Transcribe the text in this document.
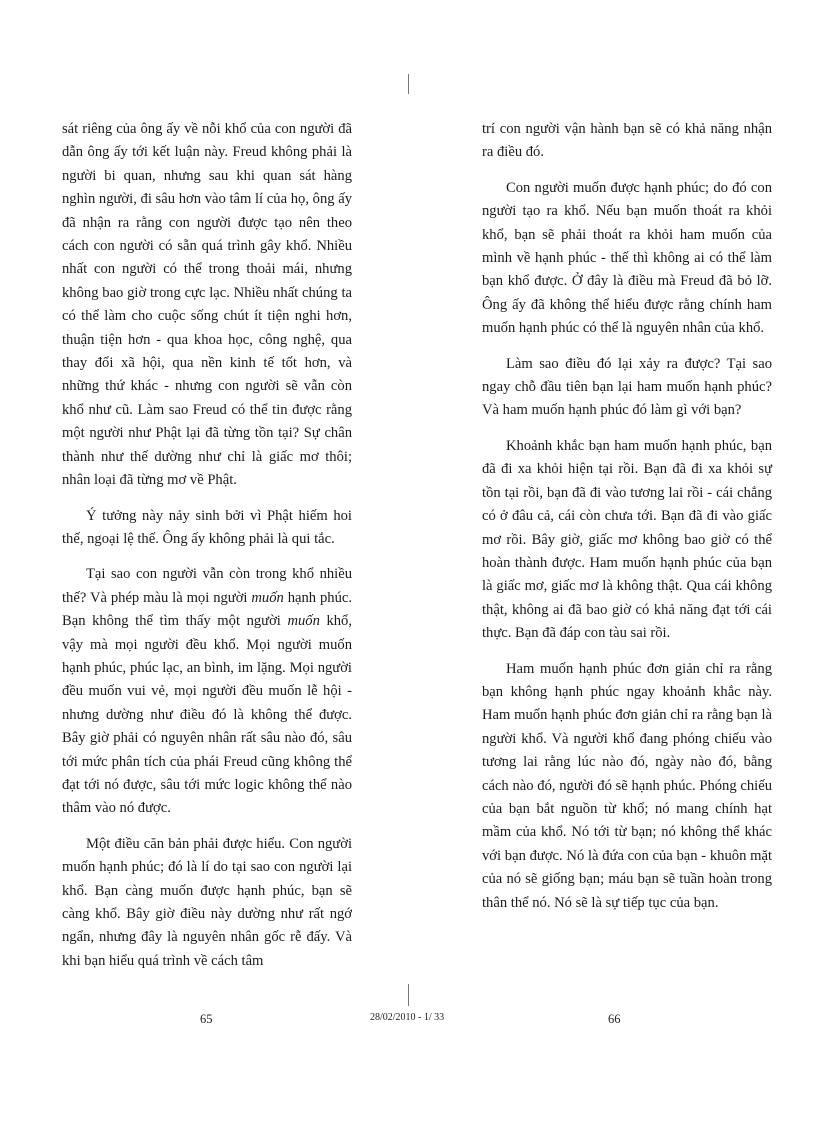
sát riêng của ông ấy về nỗi khổ của con người đã dẫn ông ấy tới kết luận này. Freud không phải là người bi quan, nhưng sau khi quan sát hàng nghìn người, đi sâu hơn vào tâm lí của họ, ông ấy đã nhận ra rằng con người được tạo nên theo cách con người có sẵn quá trình gây khổ. Nhiều nhất con người có thể trong thoải mái, nhưng không bao giờ trong cực lạc. Nhiều nhất chúng ta có thể làm cho cuộc sống chút ít tiện nghi hơn, thuận tiện hơn - qua khoa học, công nghệ, qua thay đổi xã hội, qua nền kinh tế tốt hơn, và những thứ khác - nhưng con người sẽ vẫn còn khổ như cũ. Làm sao Freud có thể tin được rằng một người như Phật lại đã từng tồn tại? Sự chân thành như thế dường như chỉ là giấc mơ thôi; nhân loại đã từng mơ về Phật.

Ý tưởng này nảy sinh bởi vì Phật hiếm hoi thế, ngoại lệ thế. Ông ấy không phải là qui tắc.

Tại sao con người vẫn còn trong khổ nhiều thế? Và phép màu là mọi người muốn hạnh phúc. Bạn không thể tìm thấy một người muốn khổ, vậy mà mọi người đều khổ. Mọi người muốn hạnh phúc, phúc lạc, an bình, im lặng. Mọi người đều muốn vui vẻ, mọi người đều muốn lễ hội - nhưng dường như điều đó là không thể được. Bây giờ phải có nguyên nhân rất sâu nào đó, sâu tới mức phân tích của phái Freud cũng không thể đạt tới nó được, sâu tới mức logic không thể nào thâm vào nó được.

Một điều căn bản phải được hiểu. Con người muốn hạnh phúc; đó là lí do tại sao con người lại khổ. Bạn càng muốn được hạnh phúc, bạn sẽ càng khổ. Bây giờ điều này dường như rất ngớ ngẩn, nhưng đây là nguyên nhân gốc rễ đấy. Và khi bạn hiểu quá trình về cách tâm

trí con người vận hành bạn sẽ có khả năng nhận ra điều đó.

Con người muốn được hạnh phúc; do đó con người tạo ra khổ. Nếu bạn muốn thoát ra khỏi khổ, bạn sẽ phải thoát ra khỏi ham muốn của mình về hạnh phúc - thế thì không ai có thể làm bạn khổ được. Ở đây là điều mà Freud đã bỏ lỡ. Ông ấy đã không thể hiểu được rằng chính ham muốn hạnh phúc có thể là nguyên nhân của khổ.

Làm sao điều đó lại xảy ra được? Tại sao ngay chỗ đầu tiên bạn lại ham muốn hạnh phúc? Và ham muốn hạnh phúc đó làm gì với bạn?

Khoảnh khắc bạn ham muốn hạnh phúc, bạn đã đi xa khỏi hiện tại rồi. Bạn đã đi xa khỏi sự tồn tại rồi, bạn đã đi vào tương lai rồi - cái chẳng có ở đâu cả, cái còn chưa tới. Bạn đã đi vào giấc mơ rồi. Bây giờ, giấc mơ không bao giờ có thể hoàn thành được. Ham muốn hạnh phúc của bạn là giấc mơ, giấc mơ là không thật. Qua cái không thật, không ai đã bao giờ có khả năng đạt tới cái thực. Bạn đã đáp con tàu sai rồi.

Ham muốn hạnh phúc đơn giản chỉ ra rằng bạn không hạnh phúc ngay khoảnh khắc này. Ham muốn hạnh phúc đơn giản chỉ ra rằng bạn là người khổ. Và người khổ đang phóng chiếu vào tương lai rằng lúc nào đó, ngày nào đó, bằng cách nào đó, người đó sẽ hạnh phúc. Phóng chiếu của bạn bắt nguồn từ khổ; nó mang chính hạt mầm của khổ. Nó tới từ bạn; nó không thể khác với bạn được. Nó là đứa con của bạn - khuôn mặt của nó sẽ giống bạn; máu bạn sẽ tuần hoàn trong thân thể nó. Nó sẽ là sự tiếp tục của bạn.

65	28/02/2010 - 1/ 33	66
